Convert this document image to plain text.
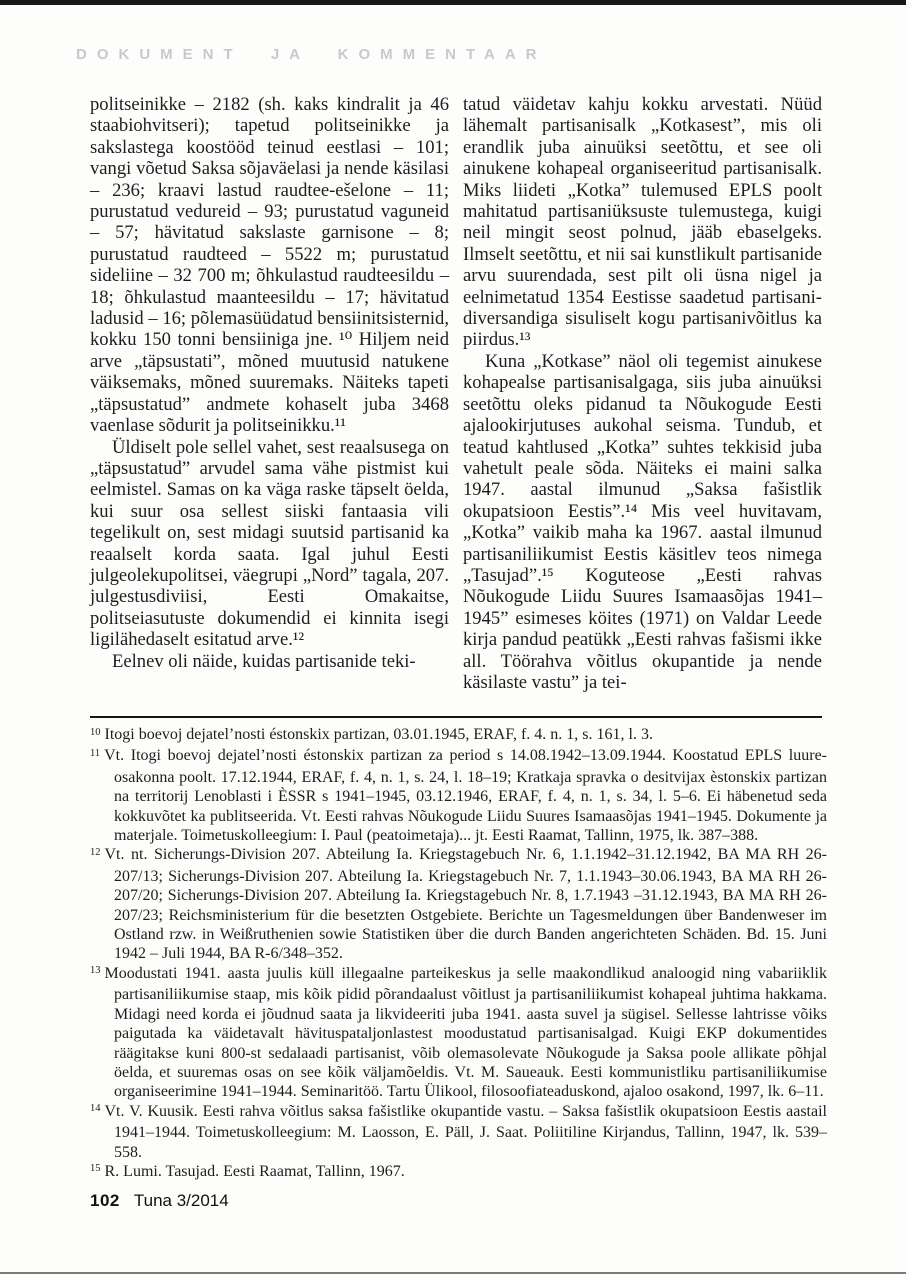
DOKUMENT JA KOMMENTAAR

politseinikke – 2182 (sh. kaks kindralit ja 46 staabiohvitseri); tapetud politseinikke ja sakslastega koostööd teinud eestlasi – 101; vangi võetud Saksa sõjaväelasi ja nende käsilasi – 236; kraavi lastud raudtee-ešelone – 11; purustatud vedureid – 93; purustatud vaguneid – 57; hävitatud sakslaste garnisone – 8; purustatud raudteed – 5522 m; purustatud sideliine – 32 700 m; õhkulastud raudteesildu – 18; õhkulastud maanteesildu – 17; hävitatud ladusid – 16; põlemasüüdatud bensiinitsisternid, kokku 150 tonni bensiiniga jne. ¹⁰ Hiljem neid arve „täpsustati”, mõned muutusid natukene väiksemaks, mõned suuremaks. Näiteks tapeti „täpsustatud” andmete kohaselt juba 3468 vaenlase sõdurit ja politseinikku.¹¹

Üldiselt pole sellel vahet, sest reaalsusega on „täpsustatud” arvudel sama vähe pistmist kui eelmistel. Samas on ka väga raske täpselt öelda, kui suur osa sellest siiski fantaasia vili tegelikult on, sest midagi suutsid partisanid ka reaalselt korda saata. Igal juhul Eesti julgeolekupolitsei, väegrupi „Nord” tagala, 207. julgestusdiviisi, Eesti Omakaitse, politseiasutuste dokumendid ei kinnita isegi ligilähedaselt esitatud arve.¹²

Eelnev oli näide, kuidas partisanide teki-

tatud väidetav kahju kokku arvestati. Nüüd lähemalt partisanisalk „Kotkasest”, mis oli erandlik juba ainuüksi seetõttu, et see oli ainukene kohapeal organiseeritud partisanisalk. Miks liideti „Kotka” tulemused EPLS poolt mahitatud partisaniüksuste tulemustega, kuigi neil mingit seost polnud, jääb ebaselgeks. Ilmselt seetõttu, et nii sai kunstlikult partisanide arvu suurendada, sest pilt oli üsna nigel ja eelnimetatud 1354 Eestisse saadetud partisani-diversandiga sisuliselt kogu partisanivõitlus ka piirdus.¹³

Kuna „Kotkase” näol oli tegemist ainukese kohapealse partisanisalgaga, siis juba ainuüksi seetõttu oleks pidanud ta Nõukogude Eesti ajalookirjutuses aukohal seisma. Tundub, et teatud kahtlused „Kotka” suhtes tekkisid juba vahetult peale sõda. Näiteks ei maini salka 1947. aastal ilmunud „Saksa fašistlik okupatsioon Eestis”.¹⁴ Mis veel huvitavam, „Kotka” vaikib maha ka 1967. aastal ilmunud partisaniliikumist Eestis käsitlev teos nimega „Tasujad”.¹⁵ Koguteose „Eesti rahvas Nõukogude Liidu Suures Isamaasõjas 1941–1945” esimeses köites (1971) on Valdar Leede kirja pandud peatükk „Eesti rahvas fašismi ikke all. Töörahva võitlus okupantide ja nende käsilaste vastu” ja tei-

$^{10}$ Itogi boevoj dejatel’nosti éstonskix partizan, 03.01.1945, ERAF, f. 4. n. 1, s. 161, l. 3.

$^{11}$ Vt. Itogi boevoj dejatel’nosti éstonskix partizan za period s 14.08.1942–13.09.1944. Koostatud EPLS luureosakonna poolt. 17.12.1944, ERAF, f. 4, n. 1, s. 24, l. 18–19; Kratkaja spravka o desitvijax èstonskix partizan na territorij Lenoblasti i ÈSSR s 1941–1945, 03.12.1946, ERAF, f. 4, n. 1, s. 34, l. 5–6. Ei häbenetud seda kokkuvõtet ka publitseerida. Vt. Eesti rahvas Nõukogude Liidu Suures Isamaasõjas 1941–1945. Dokumente ja materjale. Toimetuskolleegium: I. Paul (peatoimetaja)... jt. Eesti Raamat, Tallinn, 1975, lk. 387–388.

$^{12}$ Vt. nt. Sicherungs-Division 207. Abteilung Ia. Kriegstagebuch Nr. 6, 1.1.1942–31.12.1942, BA MA RH 26-207/13; Sicherungs-Division 207. Abteilung Ia. Kriegstagebuch Nr. 7, 1.1.1943–30.06.1943, BA MA RH 26-207/20; Sicherungs-Division 207. Abteilung Ia. Kriegstagebuch Nr. 8, 1.7.1943 –31.12.1943, BA MA RH 26-207/23; Reichsministerium für die besetzten Ostgebiete. Berichte un Tagesmeldungen über Bandenweser im Ostland rzw. in Weißruthenien sowie Statistiken über die durch Banden angerichteten Schäden. Bd. 15. Juni 1942 – Juli 1944, BA R-6/348–352.

$^{13}$ Moodustati 1941. aasta juulis küll illegaalne parteikeskus ja selle maakondlikud analoogid ning vabariiklik partisaniliikumise staap, mis kõik pidid põrandaalust võitlust ja partisaniliikumist kohapeal juhtima hakkama. Midagi need korda ei jõudnud saata ja likvideeriti juba 1941. aasta suvel ja sügisel. Sellesse lahtrisse võiks paigutada ka väidetavalt hävituspataljonlastest moodustatud partisanisalgad. Kuigi EKP dokumentides räägitakse kuni 800-st sedalaadi partisanist, võib olemasolevate Nõukogude ja Saksa poole allikate põhjal öelda, et suuremas osas on see kõik väljamõeldis. Vt. M. Saueauk. Eesti kommunistliku partisaniliikumise organiseerimine 1941–1944. Seminaritöö. Tartu Ülikool, filosoofiateaduskond, ajaloo osakond, 1997, lk. 6–11.

$^{14}$ Vt. V. Kuusik. Eesti rahva võitlus saksa fašistlike okupantide vastu. – Saksa fašistlik okupatsioon Eestis aastail 1941–1944. Toimetuskolleegium: M. Laosson, E. Päll, J. Saat. Poliitiline Kirjandus, Tallinn, 1947, lk. 539–558.

$^{15}$ R. Lumi. Tasujad. Eesti Raamat, Tallinn, 1967.

102 Tuna 3/2014
